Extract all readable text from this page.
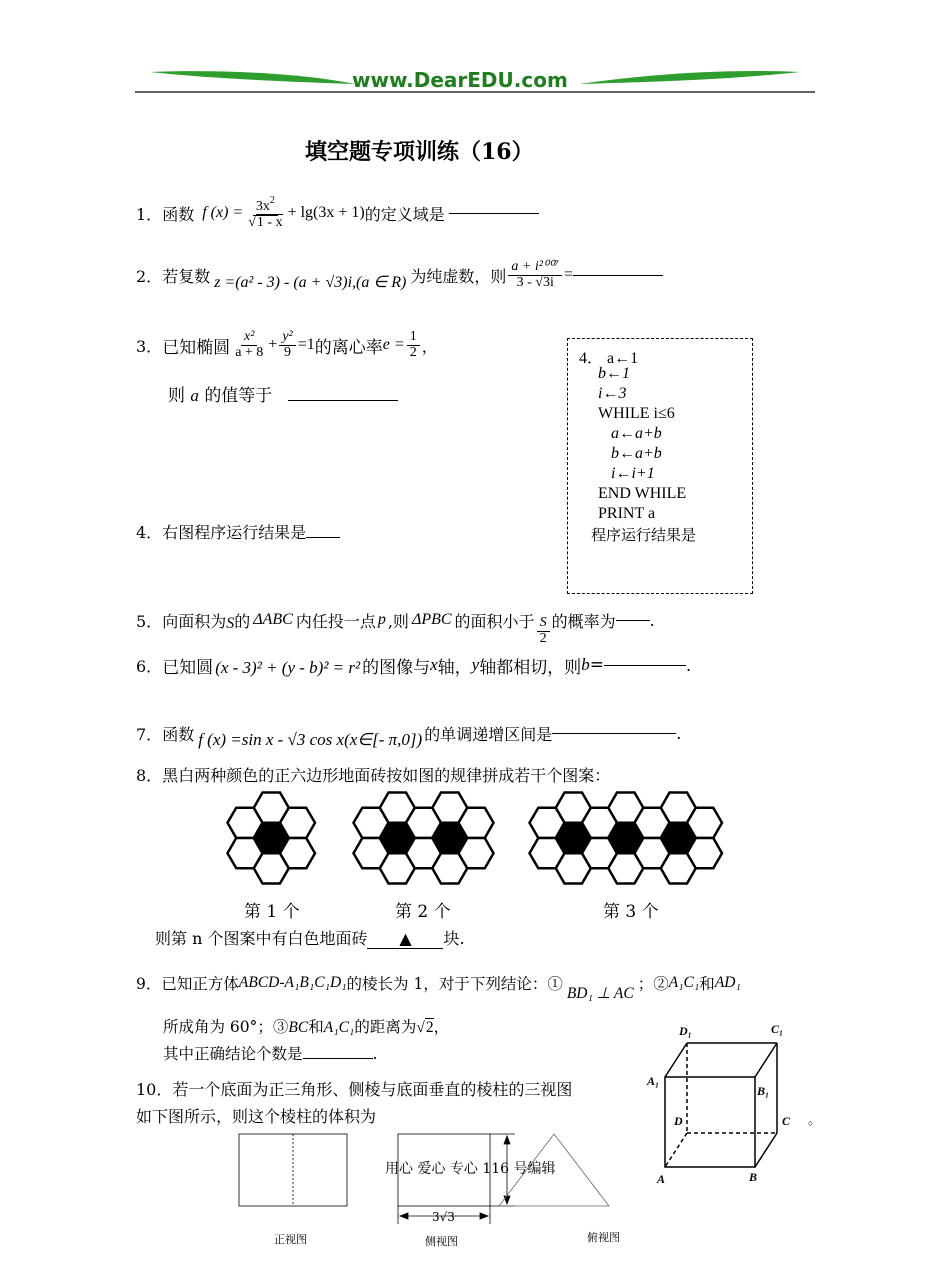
www.DearEDU.com
填空题专项训练（16）
1． 函数 f $(x) = \frac{3x^2}{√1 - x} + \lg(3x + 1)$ 的定义域是
2． 若复数 z =(a² - 3) - (a + √3)i,(a ∈ R) 为纯虚数，则 $\frac{\text{a + i²⁰⁰⁷}}{3 - √3i}$ =
3． 已知椭圆 $\frac{\text{x²}}{a + 8} + \frac{\text{y²}}{9} =1$ 的离心率 $e = \frac{1}{2}$ ，
则 a 的值等于
4． a←1
b←1
i←3
WHILE i≤6
a←a+b
b←a+b
i←i+1
END WHILE
PRINT a
程序运行结果是
4．右图程序运行结果是
5． 向面积为 S 的 ΔABC 内任投一点 p ,则 ΔPBC 的面积小于 $\frac{S}{2}$ 的概率为 .
6． 已知圆 (x - 3)² + (y - b)² = r² 的图像与 x 轴， y 轴都相切，则 b =	.
7． 函数 f (x) =sin x - √3 cos x(x∈[- π,0]) 的单调递增区间是	.
8．黑白两种颜色的正六边形地面砖按如图的规律拼成若干个图案：
第 1 个	第 2 个	第 3 个
则第 n 个图案中有白色地面砖 ▲ 块.
9． 已知正方体 ABCD-A₁B₁C₁D₁ 的棱长为 1，对于下列结论：①
BD₁ ⊥ AC
；② A₁C₁ 和 AD₁
所成角为 60°；③BC和A₁C₁的距离为√2，
其中正确结论个数是	.
D₁	C₁
A₁
B₁
D	C
A	B
10．若一个底面为正三角形、侧棱与底面垂直的棱柱的三视图
如下图所示，则这个棱柱的体积为	。
3√3
正视图	侧视图	俯视图
用心 爱心 专心 116 号编辑
